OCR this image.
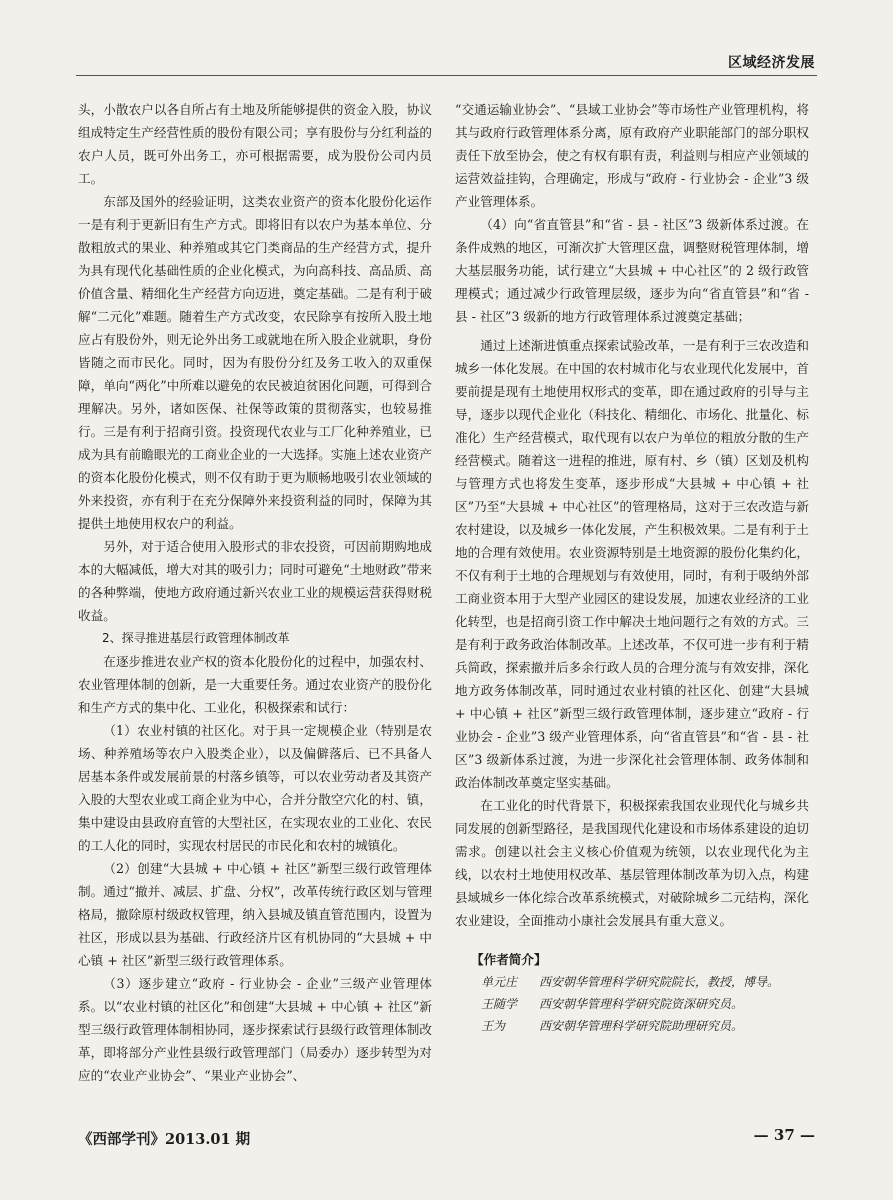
区域经济发展

头，小散农户以各自所占有土地及所能够提供的资金入股，协议组成特定生产经营性质的股份有限公司；享有股份与分红利益的农户人员，既可外出务工，亦可根据需要，成为股份公司内员工。

东部及国外的经验证明，这类农业资产的资本化股份化运作一是有利于更新旧有生产方式。即将旧有以农户为基本单位、分散粗放式的果业、种养殖或其它门类商品的生产经营方式，提升为具有现代化基础性质的企业化模式，为向高科技、高品质、高价值含量、精细化生产经营方向迈进，奠定基础。二是有利于破解“二元化”难题。随着生产方式改变，农民除享有按所入股土地应占有股份外，则无论外出务工或就地在所入股企业就职，身份皆随之而市民化。同时，因为有股份分红及务工收入的双重保障，单向“两化”中所难以避免的农民被迫贫困化问题，可得到合理解决。另外，诸如医保、社保等政策的贯彻落实，也较易推行。三是有利于招商引资。投资现代农业与工厂化种养殖业，已成为具有前瞻眼光的工商业企业的一大选择。实施上述农业资产的资本化股份化模式，则不仅有助于更为顺畅地吸引农业领域的外来投资，亦有利于在充分保障外来投资利益的同时，保障为其提供土地使用权农户的利益。

另外，对于适合使用入股形式的非农投资，可因前期购地成本的大幅减低，增大对其的吸引力；同时可避免“土地财政”带来的各种弊端，使地方政府通过新兴农业工业的规模运营获得财税收益。

2、探寻推进基层行政管理体制改革

在逐步推进农业产权的资本化股份化的过程中，加强农村、农业管理体制的创新，是一大重要任务。通过农业资产的股份化和生产方式的集中化、工业化，积极探索和试行：

（1）农业村镇的社区化。对于具一定规模企业（特别是农场、种养殖场等农户入股类企业），以及偏僻落后、已不具备人居基本条件或发展前景的村落乡镇等，可以农业劳动者及其资产入股的大型农业或工商企业为中心，合并分散空穴化的村、镇，集中建设由县政府直管的大型社区，在实现农业的工业化、农民的工人化的同时，实现农村居民的市民化和农村的城镇化。

（2）创建“大县城 + 中心镇 + 社区”新型三级行政管理体制。通过“撤并、减层、扩盘、分权”，改革传统行政区划与管理格局，撤除原村级政权管理，纳入县城及镇直管范围内，设置为社区，形成以县为基础、行政经济片区有机协同的“大县城 + 中心镇 + 社区”新型三级行政管理体系。

（3）逐步建立“政府 - 行业协会 - 企业”三级产业管理体系。以“农业村镇的社区化”和创建“大县城 + 中心镇 + 社区”新型三级行政管理体制相协同，逐步探索试行县级行政管理体制改革，即将部分产业性县级行政管理部门（局委办）逐步转型为对应的“农业产业协会”、“果业产业协会”、

“交通运输业协会”、“县域工业协会”等市场性产业管理机构，将其与政府行政管理体系分离，原有政府产业职能部门的部分职权责任下放至协会，使之有权有职有责，利益则与相应产业领域的运营效益挂钩，合理确定，形成与“政府 - 行业协会 - 企业”3 级产业管理体系。

（4）向“省直管县”和“省 - 县 - 社区”3 级新体系过渡。在条件成熟的地区，可渐次扩大管理区盘，调整财税管理体制，增大基层服务功能，试行建立“大县城 + 中心社区”的 2 级行政管理模式；通过减少行政管理层级，逐步为向“省直管县”和“省 - 县 - 社区”3 级新的地方行政管理体系过渡奠定基础；

通过上述渐进慎重点探索试验改革，一是有利于三农改造和城乡一体化发展。在中国的农村城市化与农业现代化发展中，首要前提是现有土地使用权形式的变革，即在通过政府的引导与主导，逐步以现代企业化（科技化、精细化、市场化、批量化、标准化）生产经营模式，取代现有以农户为单位的粗放分散的生产经营模式。随着这一进程的推进，原有村、乡（镇）区划及机构与管理方式也将发生变革，逐步形成“大县城 + 中心镇 + 社区”乃至“大县城 + 中心社区”的管理格局，这对于三农改造与新农村建设，以及城乡一体化发展，产生积极效果。二是有利于土地的合理有效使用。农业资源特别是土地资源的股份化集约化，不仅有利于土地的合理规划与有效使用，同时，有利于吸纳外部工商业资本用于大型产业园区的建设发展，加速农业经济的工业化转型，也是招商引资工作中解决土地问题行之有效的方式。三是有利于政务政治体制改革。上述改革，不仅可进一步有利于精兵简政，探索撤并后多余行政人员的合理分流与有效安排，深化地方政务体制改革，同时通过农业村镇的社区化、创建“大县城 + 中心镇 + 社区”新型三级行政管理体制，逐步建立“政府 - 行业协会 - 企业”3 级产业管理体系，向“省直管县”和“省 - 县 - 社区”3 级新体系过渡，为进一步深化社会管理体制、政务体制和政治体制改革奠定坚实基础。

在工业化的时代背景下，积极探索我国农业现代化与城乡共同发展的创新型路径，是我国现代化建设和市场体系建设的迫切需求。创建以社会主义核心价值观为统领，以农业现代化为主线，以农村土地使用权改革、基层管理体制改革为切入点，构建县域城乡一体化综合改革系统模式，对破除城乡二元结构，深化农业建设，全面推动小康社会发展具有重大意义。

【作者简介】
单元庄	西安朝华管理科学研究院院长，教授，博导。
王随学	西安朝华管理科学研究院资深研究员。
王为	西安朝华管理科学研究院助理研究员。
《西部学刊》2013.01 期	— 37 —
